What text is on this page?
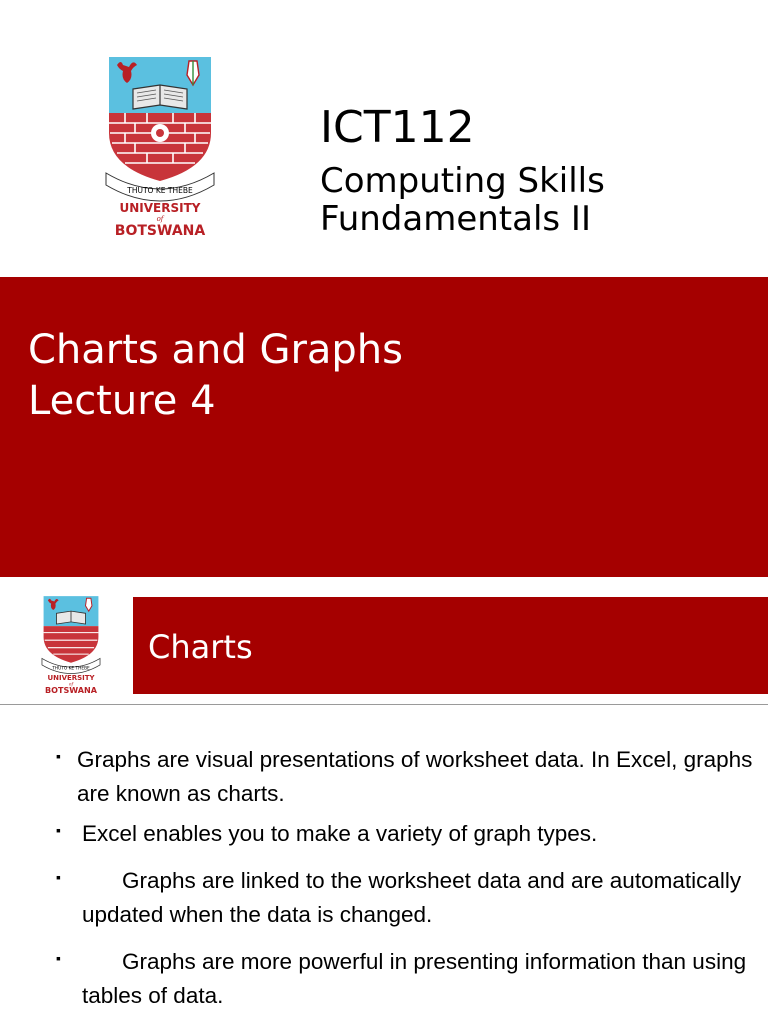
THUTO KE THEBE
UNIVERSITY
of
BOTSWANA
ICT112
Computing Skills
Fundamentals II
Charts and Graphs
Lecture 4
THUTO KE THEBE
UNIVERSITY
of
BOTSWANA
Charts
▪ Graphs are visual presentations of worksheet data. In Excel, graphs are known as charts.
▪ Excel enables you to make a variety of graph types.
▪	Graphs are linked to the worksheet data and are automatically updated when the data is changed.
▪	Graphs are more powerful in presenting information than using tables of data.
